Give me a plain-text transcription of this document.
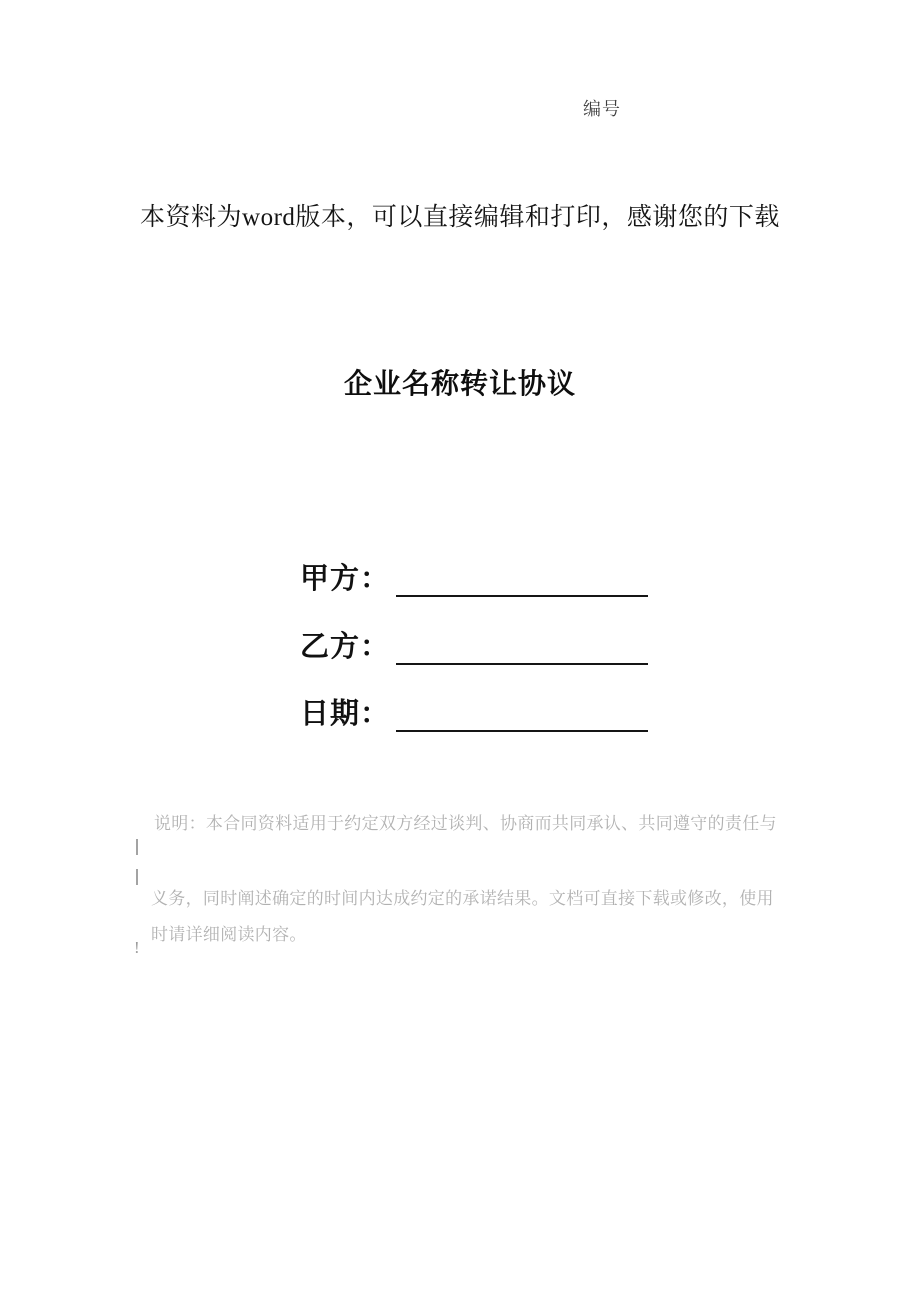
编号
本资料为word版本，可以直接编辑和打印，感谢您的下载
企业名称转让协议
甲方：
乙方：
日期：

说明：本合同资料适用于约定双方经过谈判、协商而共同承认、共同遵守的责任与

义务，同时阐述确定的时间内达成约定的承诺结果。文档可直接下载或修改，使用

时请详细阅读内容。

!
